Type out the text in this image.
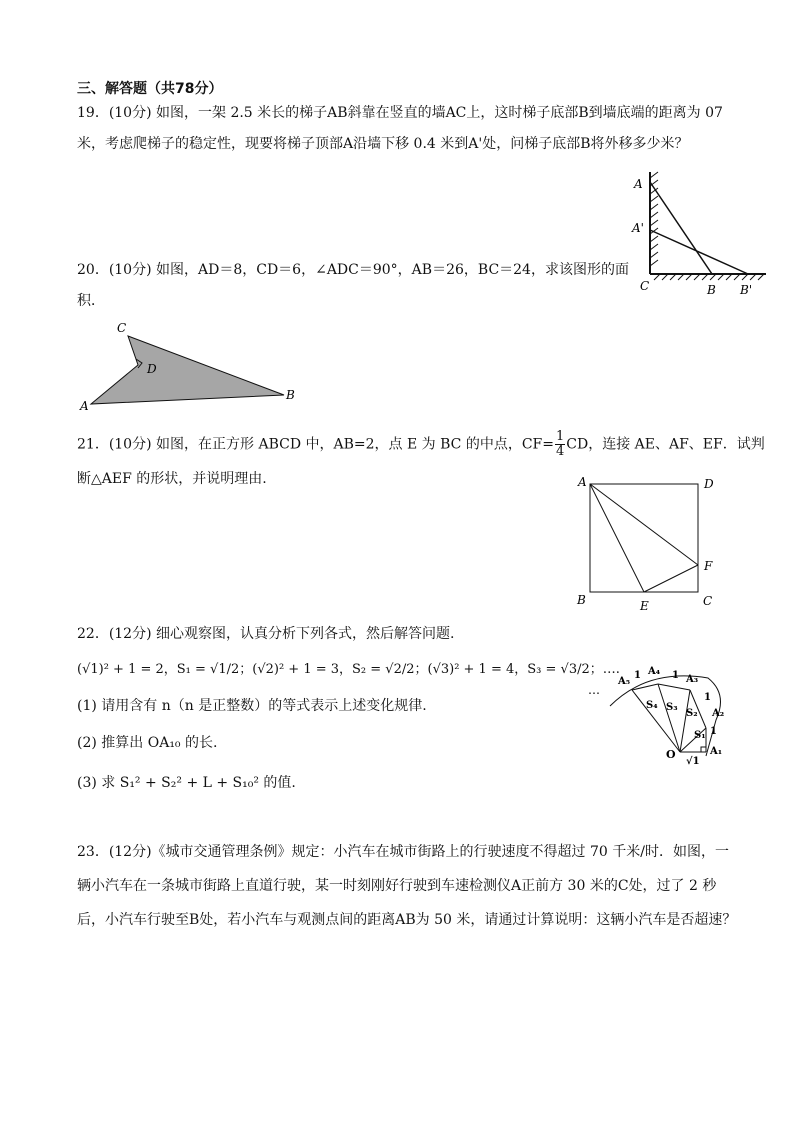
三、解答题（共78分）
19．(10分) 如图，一架 2.5 米长的梯子AB斜靠在竖直的墙AC上，这时梯子底部B到墙底端的距离为 07
米，考虑爬梯子的稳定性，现要将梯子顶部A沿墙下移 0.4 米到A'处，问梯子底部B将外移多少米？
A
A'
C	B B'
20．(10分) 如图，AD＝8，CD＝6，∠ADC＝90°，AB＝26，BC＝24，求该图形的面
积．
A
B
C
D
21．(10分) 如图，在正方形 ABCD 中，AB=2，点 E 为 BC 的中点，$CF= \frac{1}{4}$ CD，连接 AE、AF、EF．试判
断△AEF 的形状，并说明理由.	A	D
F
B	E	C
22．(12分) 细心观察图，认真分析下列各式，然后解答问题.
(√1)² + 1 = 2，S₁ = √1/2；(√2)² + 1 = 3，S₂ = √2/2；(√3)² + 1 = 4，S₃ = √3/2；….
(1) 请用含有 n（n 是正整数）的等式表示上述变化规律.
(2) 推算出 OA₁₀ 的长.
(3) 求 S₁² + S₂² + L + S₁₀² 的值.
…
A₅
A₄
A₃
A₂
A₁
O
S₄ S₃
S₂
S₁
1	1
1
1
√1
23．(12分)《城市交通管理条例》规定：小汽车在城市街路上的行驶速度不得超过 70 千米/时．如图，一
辆小汽车在一条城市街路上直道行驶，某一时刻刚好行驶到车速检测仪A正前方 30 米的C处，过了 2 秒
后，小汽车行驶至B处，若小汽车与观测点间的距离AB为 50 米，请通过计算说明：这辆小汽车是否超速？
